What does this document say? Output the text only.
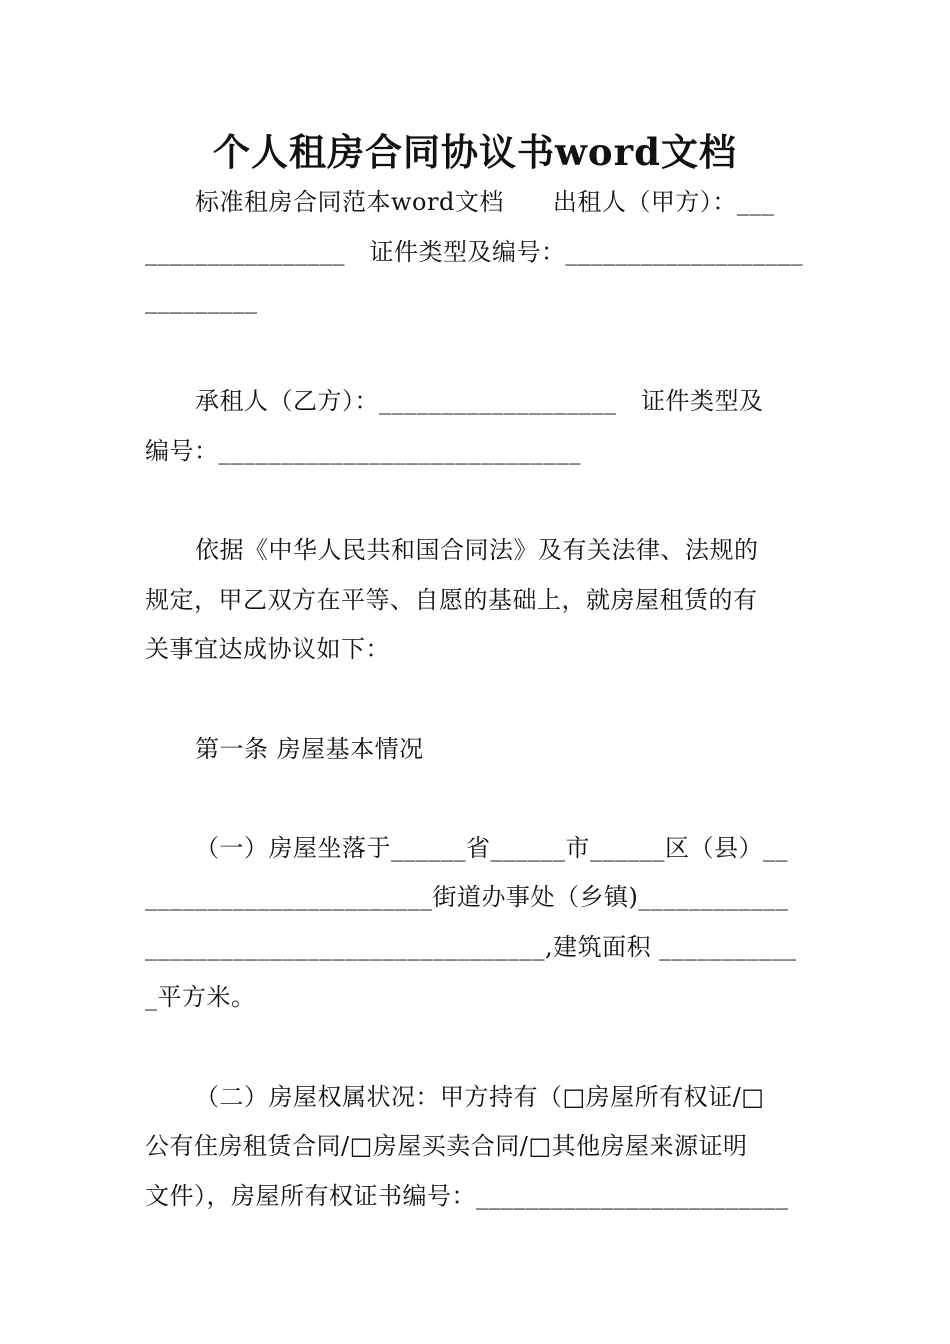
个人租房合同协议书word文档
标准租房合同范本word文档　　出租人（甲方）：___
________________　证件类型及编号：___________________
_________
承租人（乙方）：___________________　证件类型及
编号：_____________________________
依据《中华人民共和国合同法》及有关法律、法规的
规定，甲乙双方在平等、自愿的基础上，就房屋租赁的有
关事宜达成协议如下：
第一条 房屋基本情况
（一）房屋坐落于______省______市______区（县）__
_______________________街道办事处（乡镇)____________
________________________________,建筑面积 ___________
_平方米。
（二）房屋权属状况：甲方持有（□房屋所有权证/□
公有住房租赁合同/□房屋买卖合同/□其他房屋来源证明
文件），房屋所有权证书编号：_________________________
